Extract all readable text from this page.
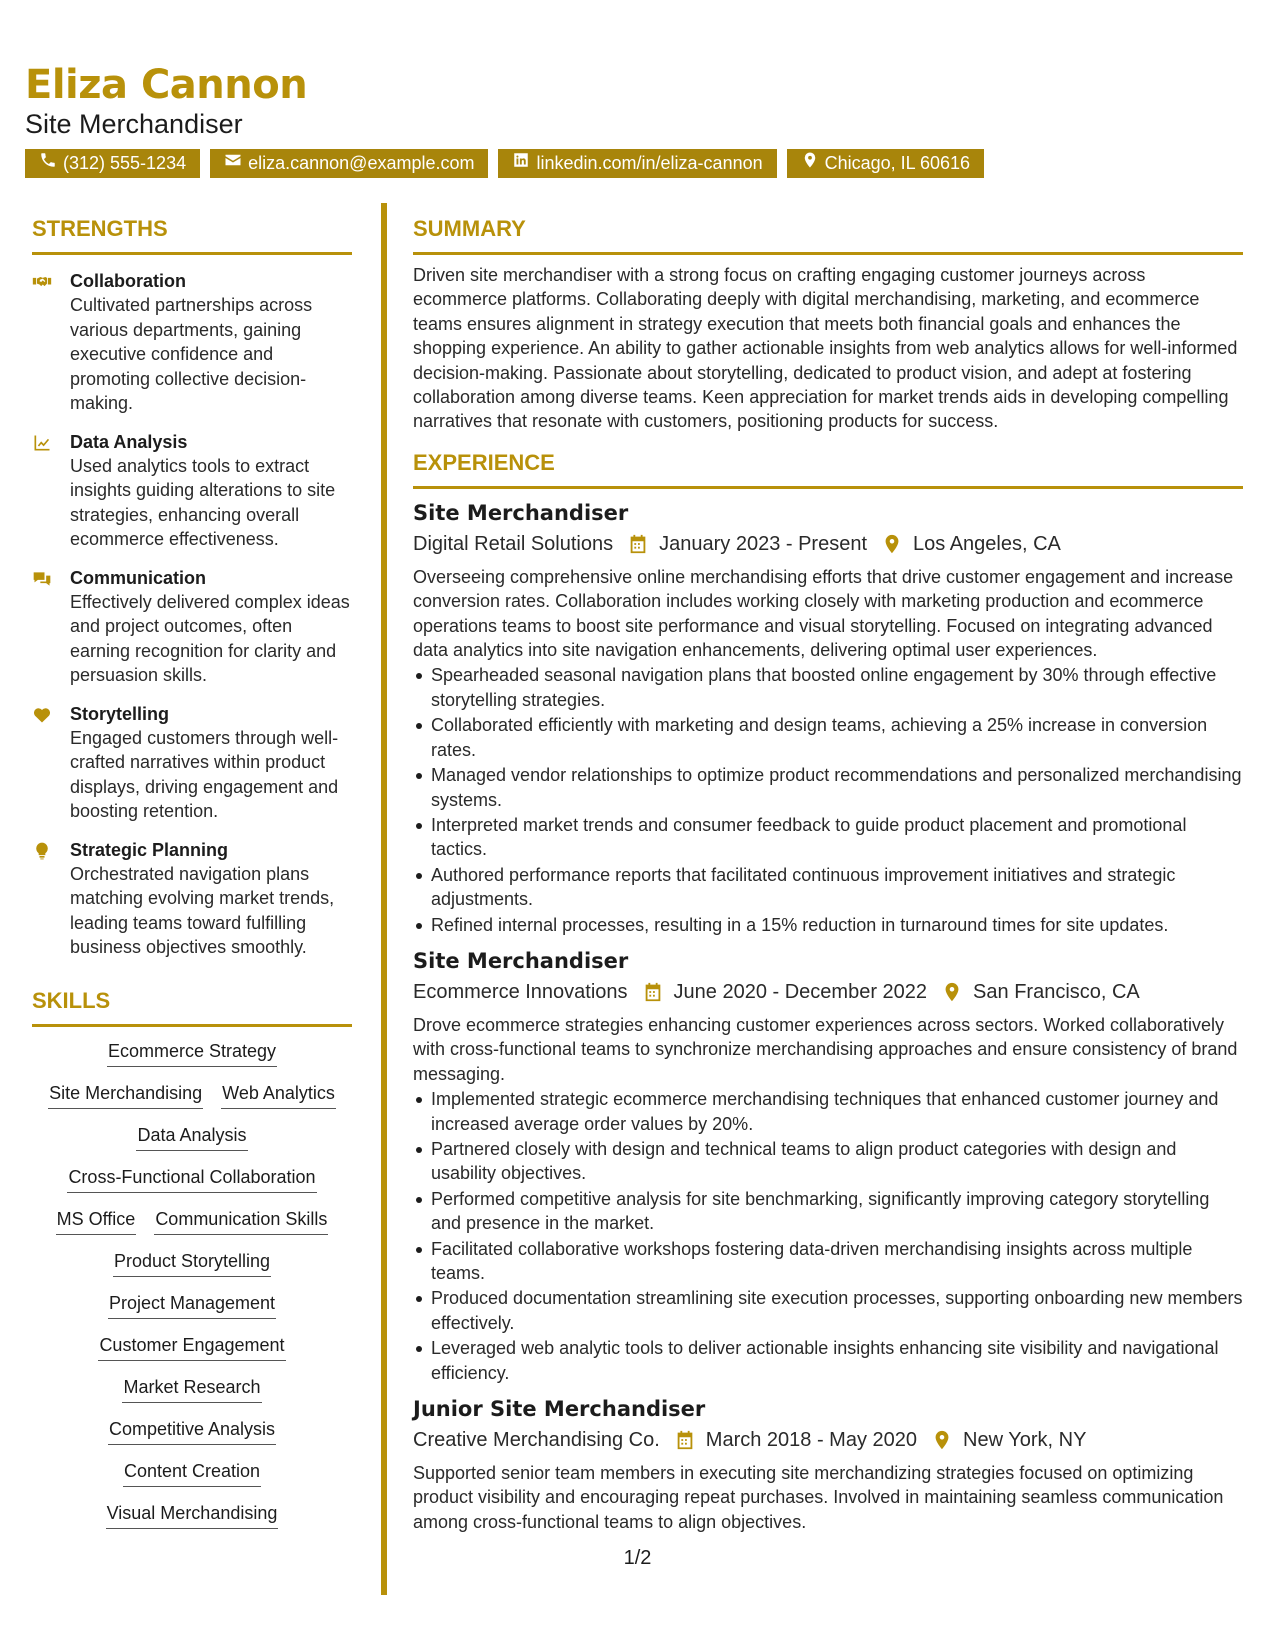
Eliza Cannon
Site Merchandiser
(312) 555-1234	eliza.cannon@example.com	linkedin.com/in/eliza-cannon	Chicago, IL 60616
STRENGTHS
Collaboration
Cultivated partnerships across various departments, gaining executive confidence and promoting collective decision-making.
Data Analysis
Used analytics tools to extract insights guiding alterations to site strategies, enhancing overall ecommerce effectiveness.
Communication
Effectively delivered complex ideas and project outcomes, often earning recognition for clarity and persuasion skills.
Storytelling
Engaged customers through well-crafted narratives within product displays, driving engagement and boosting retention.
Strategic Planning
Orchestrated navigation plans matching evolving market trends, leading teams toward fulfilling business objectives smoothly.
SKILLS
Ecommerce Strategy
Site Merchandising Web Analytics
Data Analysis
Cross-Functional Collaboration
MS Office Communication Skills
Product Storytelling
Project Management
Customer Engagement
Market Research
Competitive Analysis
Content Creation
Visual Merchandising
SUMMARY
Driven site merchandiser with a strong focus on crafting engaging customer journeys across ecommerce platforms. Collaborating deeply with digital merchandising, marketing, and ecommerce teams ensures alignment in strategy execution that meets both financial goals and enhances the shopping experience. An ability to gather actionable insights from web analytics allows for well-informed decision-making. Passionate about storytelling, dedicated to product vision, and adept at fostering collaboration among diverse teams. Keen appreciation for market trends aids in developing compelling narratives that resonate with customers, positioning products for success.
EXPERIENCE
Site Merchandiser
Digital Retail Solutions January 2023 - Present Los Angeles, CA
Overseeing comprehensive online merchandising efforts that drive customer engagement and increase conversion rates. Collaboration includes working closely with marketing production and ecommerce operations teams to boost site performance and visual storytelling. Focused on integrating advanced data analytics into site navigation enhancements, delivering optimal user experiences.
Spearheaded seasonal navigation plans that boosted online engagement by 30% through effective storytelling strategies.
Collaborated efficiently with marketing and design teams, achieving a 25% increase in conversion rates.
Managed vendor relationships to optimize product recommendations and personalized merchandising systems.
Interpreted market trends and consumer feedback to guide product placement and promotional tactics.
Authored performance reports that facilitated continuous improvement initiatives and strategic adjustments.
Refined internal processes, resulting in a 15% reduction in turnaround times for site updates.
Site Merchandiser
Ecommerce Innovations June 2020 - December 2022 San Francisco, CA
Drove ecommerce strategies enhancing customer experiences across sectors. Worked collaboratively with cross-functional teams to synchronize merchandising approaches and ensure consistency of brand messaging.
Implemented strategic ecommerce merchandising techniques that enhanced customer journey and increased average order values by 20%.
Partnered closely with design and technical teams to align product categories with design and usability objectives.
Performed competitive analysis for site benchmarking, significantly improving category storytelling and presence in the market.
Facilitated collaborative workshops fostering data-driven merchandising insights across multiple teams.
Produced documentation streamlining site execution processes, supporting onboarding new members effectively.
Leveraged web analytic tools to deliver actionable insights enhancing site visibility and navigational efficiency.
Junior Site Merchandiser
Creative Merchandising Co. March 2018 - May 2020 New York, NY
Supported senior team members in executing site merchandizing strategies focused on optimizing product visibility and encouraging repeat purchases. Involved in maintaining seamless communication among cross-functional teams to align objectives.
1/2
